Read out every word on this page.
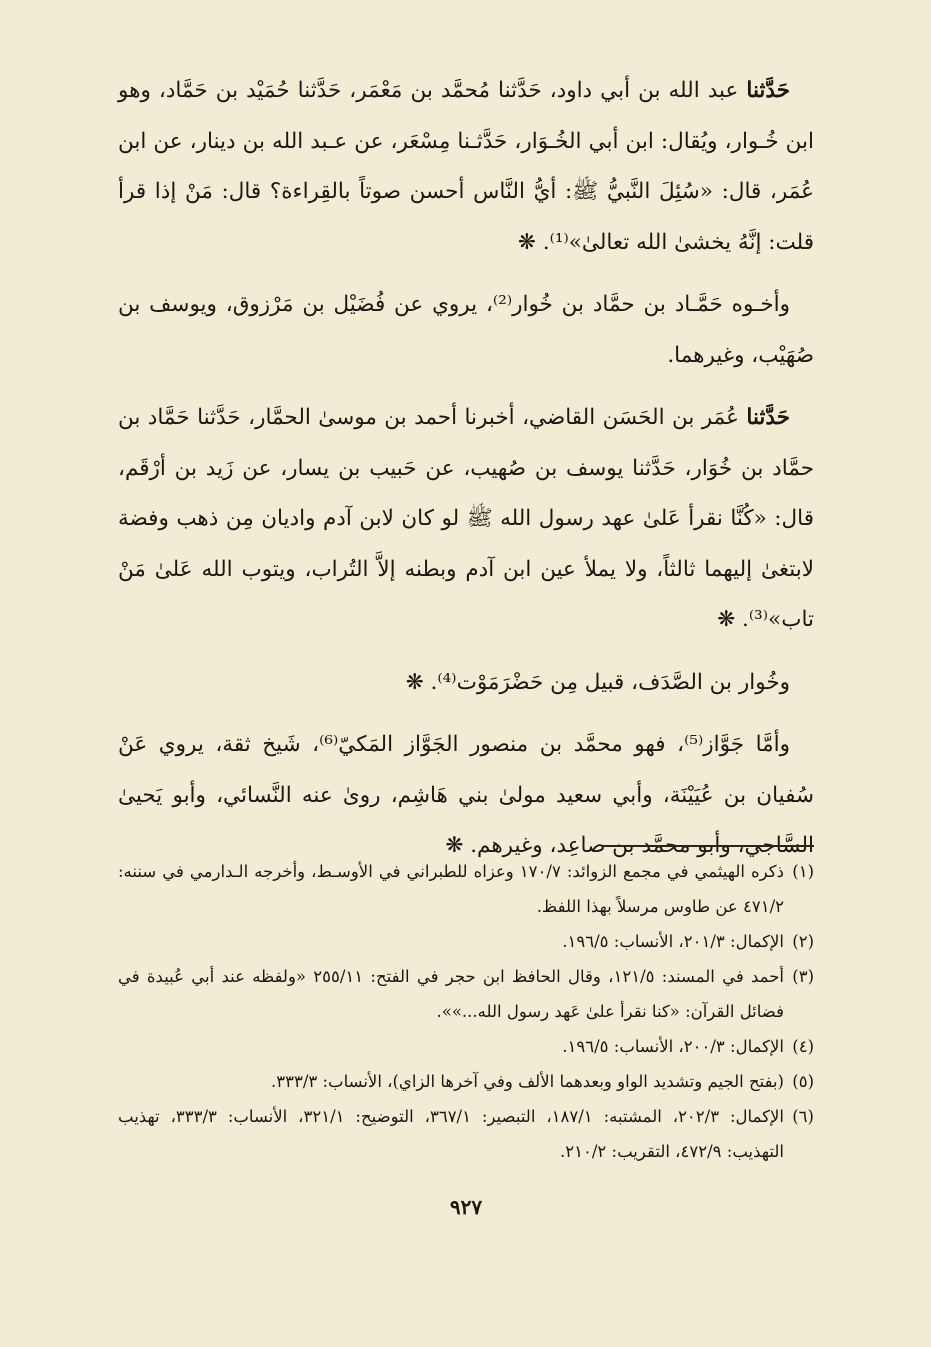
حَدَّثنا عبد الله بن أبي داود، حَدَّثنا مُحمَّد بن مَعْمَر، حَدَّثنا حُمَيْد بن حَمَّاد، وهو ابن خُـوار، ويُقال: ابن أبي الخُـوَار، حَدَّثـنا مِسْعَر، عن عـبد الله بن دينار، عن ابن عُمَر، قال: «سُئِلَ النَّبيُّ ﷺ: أيُّ النَّاس أحسن صوتاً بالقِراءة؟ قال: مَنْ إذا قرأ قلت: إنَّهُ يخشىٰ الله تعالىٰ»⁽¹⁾. ❋

وأخـوه حَمَّـاد بن حمَّاد بن خُوار⁽²⁾، يروي عن فُضَيْل بن مَرْزوق، ويوسف بن صُهَيْب، وغيرهما.

حَدَّثنا عُمَر بن الحَسَن القاضي، أخبرنا أحمد بن موسىٰ الحمَّار، حَدَّثنا حَمَّاد بن حمَّاد بن خُوَار، حَدَّثنا يوسف بن صُهيب، عن حَبيب بن يسار، عن زَيد بن أرْقَم، قال: «كُنَّا نقرأ عَلىٰ عهد رسول الله ﷺ لو كان لابن آدم واديان مِن ذهب وفضة لابتغىٰ إليهما ثالثاً، ولا يملأ عين ابن آدم وبطنه إلاَّ التُراب، ويتوب الله عَلىٰ مَنْ تاب»⁽³⁾. ❋

وخُوار بن الصَّدَف، قبيل مِن حَضْرَمَوْت⁽⁴⁾. ❋

وأمَّا جَوَّاز⁽⁵⁾، فهو محمَّد بن منصور الجَوَّاز المَكيّ⁽⁶⁾، شَيخ ثقة، يروي عَنْ سُفيان بن عُيَيْنَة، وأبي سعيد مولىٰ بني هَاشِم، روىٰ عنه النَّسائي، وأبو يَحيىٰ السَّاجي، وأبو محمَّد بن صاعِد، وغيرهم. ❋

(١)ذكره الهيثمي في مجمع الزوائد: ١٧٠/٧ وعزاه للطبراني في الأوسـط، وأخرجه الـدارمي في سننه: ٤٧١/٢ عن طاوس مرسلاً بهذا اللفظ.

(٢)الإكمال: ٢٠١/٣، الأنساب: ١٩٦/٥.

(٣)أحمد في المسند: ١٢١/٥، وقال الحافظ ابن حجر في الفتح: ٢٥٥/١١ «ولفظه عند أبي عُبيدة في فضائل القرآن: «كنا نقرأ علىٰ عَهد رسول الله...»».

(٤)الإكمال: ٢٠٠/٣، الأنساب: ١٩٦/٥.

(٥)(بفتح الجيم وتشديد الواو وبعدهما الألف وفي آخرها الزاي)، الأنساب: ٣٣٣/٣.

(٦)الإكمال: ٢٠٢/٣، المشتبه: ١٨٧/١، التبصير: ٣٦٧/١، التوضيح: ٣٢١/١، الأنساب: ٣٣٣/٣، تهذيب التهذيب: ٤٧٢/٩، التقريب: ٢١٠/٢.

٩٢٧
